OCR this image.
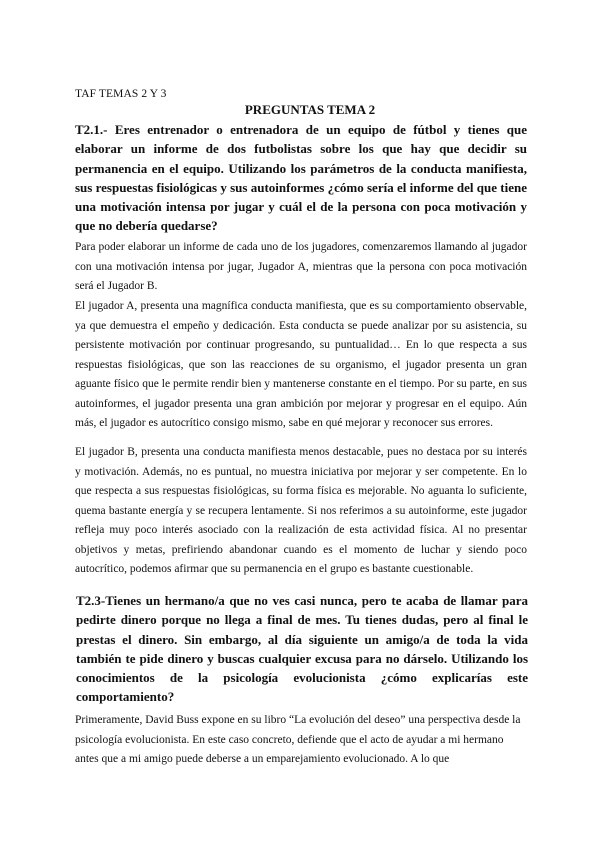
TAF TEMAS 2 Y 3
PREGUNTAS TEMA 2

T2.1.- Eres entrenador o entrenadora de un equipo de fútbol y tienes que elaborar un informe de dos futbolistas sobre los que hay que decidir su permanencia en el equipo. Utilizando los parámetros de la conducta manifiesta, sus respuestas fisiológicas y sus autoinformes ¿cómo sería el informe del que tiene una motivación intensa por jugar y cuál el de la persona con poca motivación y que no debería quedarse?

Para poder elaborar un informe de cada uno de los jugadores, comenzaremos llamando al jugador con una motivación intensa por jugar, Jugador A, mientras que la persona con poca motivación será el Jugador B.

El jugador A, presenta una magnífica conducta manifiesta, que es su comportamiento observable, ya que demuestra el empeño y dedicación. Esta conducta se puede analizar por su asistencia, su persistente motivación por continuar progresando, su puntualidad… En lo que respecta a sus respuestas fisiológicas, que son las reacciones de su organismo, el jugador presenta un gran aguante físico que le permite rendir bien y mantenerse constante en el tiempo. Por su parte, en sus autoinformes, el jugador presenta una gran ambición por mejorar y progresar en el equipo. Aún más, el jugador es autocrítico consigo mismo, sabe en qué mejorar y reconocer sus errores.

El jugador B, presenta una conducta manifiesta menos destacable, pues no destaca por su interés y motivación. Además, no es puntual, no muestra iniciativa por mejorar y ser competente. En lo que respecta a sus respuestas fisiológicas, su forma física es mejorable. No aguanta lo suficiente, quema bastante energía y se recupera lentamente. Si nos referimos a su autoinforme, este jugador refleja muy poco interés asociado con la realización de esta actividad física. Al no presentar objetivos y metas, prefiriendo abandonar cuando es el momento de luchar y siendo poco autocrítico, podemos afirmar que su permanencia en el grupo es bastante cuestionable.

T2.3-Tienes un hermano/a que no ves casi nunca, pero te acaba de llamar para pedirte dinero porque no llega a final de mes. Tu tienes dudas, pero al final le prestas el dinero. Sin embargo, al día siguiente un amigo/a de toda la vida también te pide dinero y buscas cualquier excusa para no dárselo. Utilizando los conocimientos de la psicología evolucionista ¿cómo explicarías este comportamiento?

Primeramente, David Buss expone en su libro “La evolución del deseo” una perspectiva desde la psicología evolucionista. En este caso concreto, defiende que el acto de ayudar a mi hermano antes que a mi amigo puede deberse a un emparejamiento evolucionado. A lo que
